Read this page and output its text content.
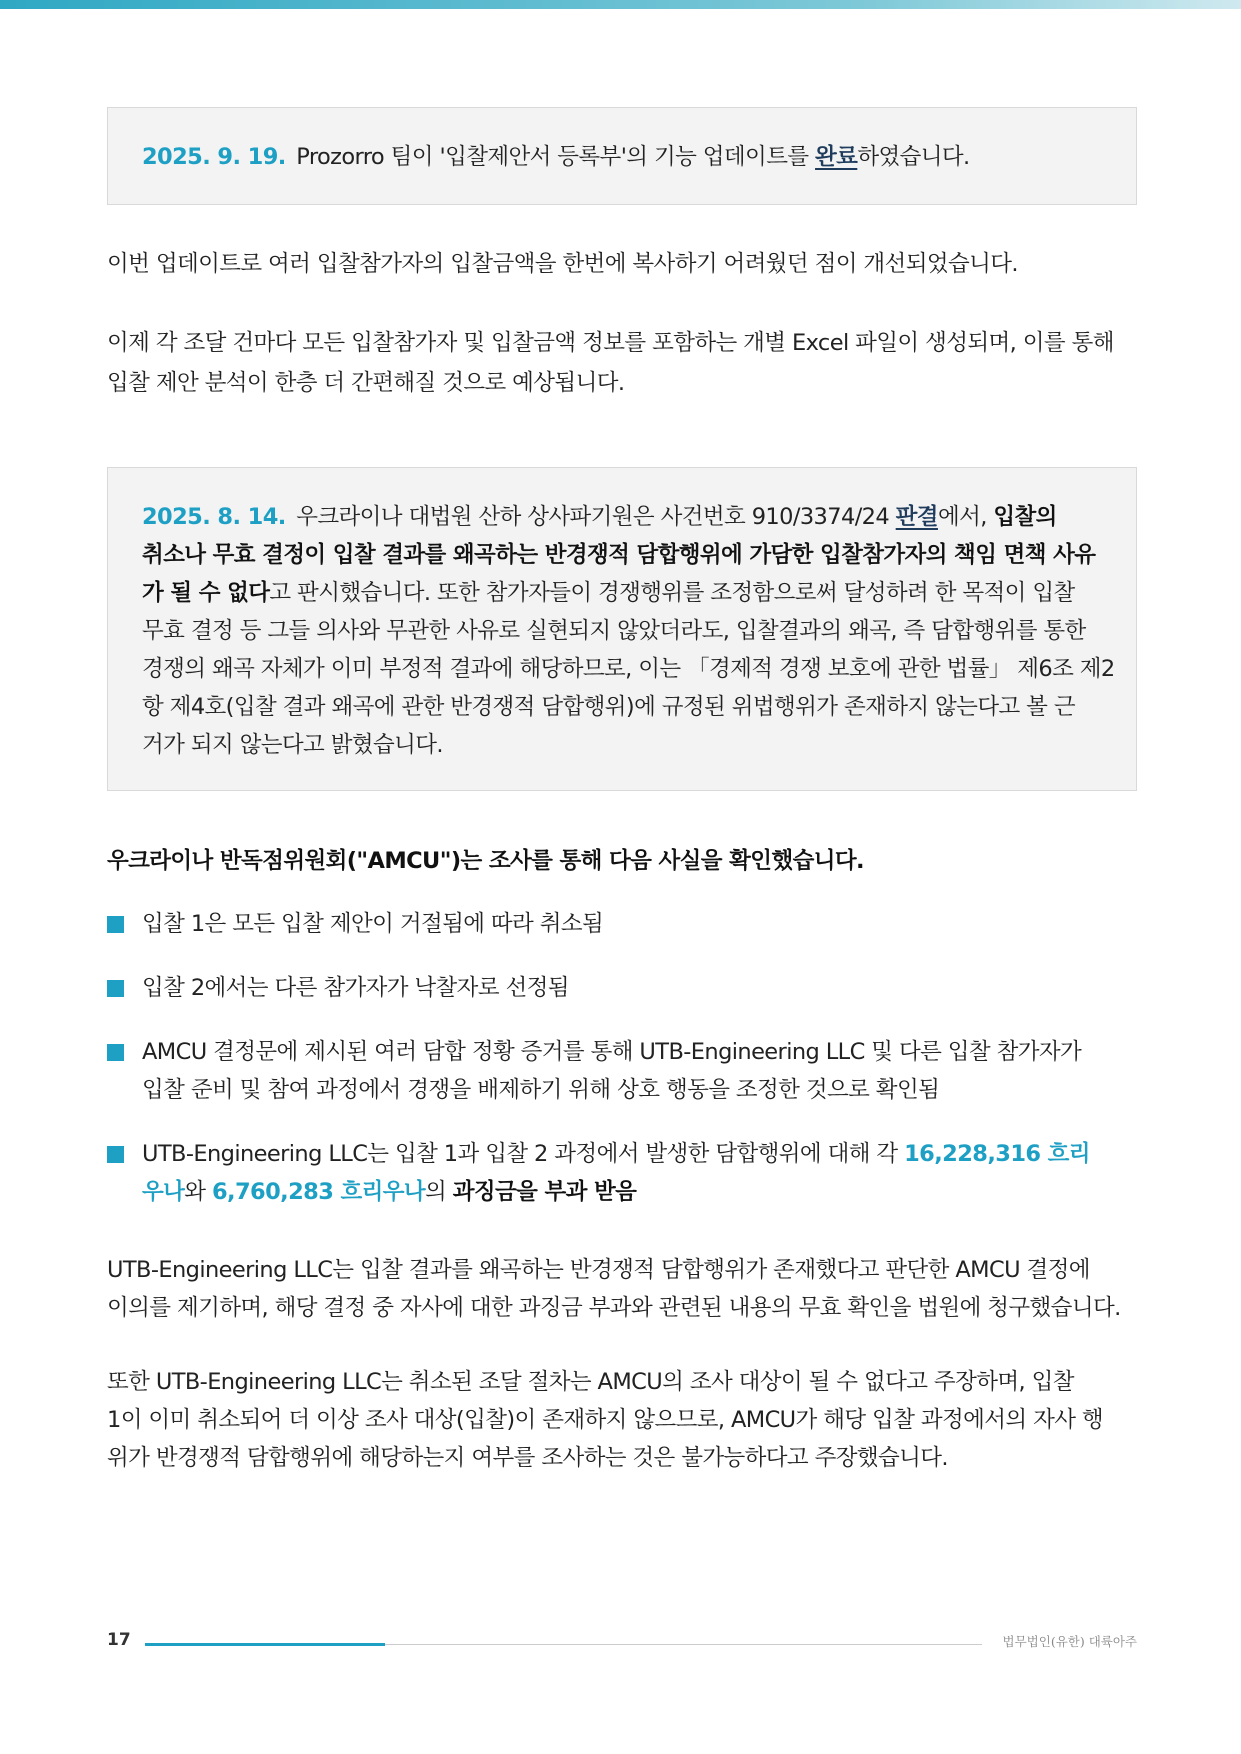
2025. 9. 19. Prozorro 팀이 '입찰제안서 등록부'의 기능 업데이트를 완료하였습니다.
이번 업데이트로 여러 입찰참가자의 입찰금액을 한번에 복사하기 어려웠던 점이 개선되었습니다.
이제 각 조달 건마다 모든 입찰참가자 및 입찰금액 정보를 포함하는 개별 Excel 파일이 생성되며, 이를 통해
입찰 제안 분석이 한층 더 간편해질 것으로 예상됩니다.
2025. 8. 14. 우크라이나 대법원 산하 상사파기원은 사건번호 910/3374/24 판결에서, 입찰의
취소나 무효 결정이 입찰 결과를 왜곡하는 반경쟁적 담합행위에 가담한 입찰참가자의 책임 면책 사유
가 될 수 없다고 판시했습니다. 또한 참가자들이 경쟁행위를 조정함으로써 달성하려 한 목적이 입찰
무효 결정 등 그들 의사와 무관한 사유로 실현되지 않았더라도, 입찰결과의 왜곡, 즉 담합행위를 통한
경쟁의 왜곡 자체가 이미 부정적 결과에 해당하므로, 이는 「경제적 경쟁 보호에 관한 법률」 제6조 제2
항 제4호(입찰 결과 왜곡에 관한 반경쟁적 담합행위)에 규정된 위법행위가 존재하지 않는다고 볼 근
거가 되지 않는다고 밝혔습니다.
우크라이나 반독점위원회("AMCU")는 조사를 통해 다음 사실을 확인했습니다.
입찰 1은 모든 입찰 제안이 거절됨에 따라 취소됨
입찰 2에서는 다른 참가자가 낙찰자로 선정됨
AMCU 결정문에 제시된 여러 담합 정황 증거를 통해 UTB-Engineering LLC 및 다른 입찰 참가자가
입찰 준비 및 참여 과정에서 경쟁을 배제하기 위해 상호 행동을 조정한 것으로 확인됨
UTB-Engineering LLC는 입찰 1과 입찰 2 과정에서 발생한 담합행위에 대해 각 16,228,316 흐리
우나와 6,760,283 흐리우나의 과징금을 부과 받음
UTB-Engineering LLC는 입찰 결과를 왜곡하는 반경쟁적 담합행위가 존재했다고 판단한 AMCU 결정에
이의를 제기하며, 해당 결정 중 자사에 대한 과징금 부과와 관련된 내용의 무효 확인을 법원에 청구했습니다.
또한 UTB-Engineering LLC는 취소된 조달 절차는 AMCU의 조사 대상이 될 수 없다고 주장하며, 입찰
1이 이미 취소되어 더 이상 조사 대상(입찰)이 존재하지 않으므로, AMCU가 해당 입찰 과정에서의 자사 행
위가 반경쟁적 담합행위에 해당하는지 여부를 조사하는 것은 불가능하다고 주장했습니다.
17	법무법인(유한) 대륙아주
